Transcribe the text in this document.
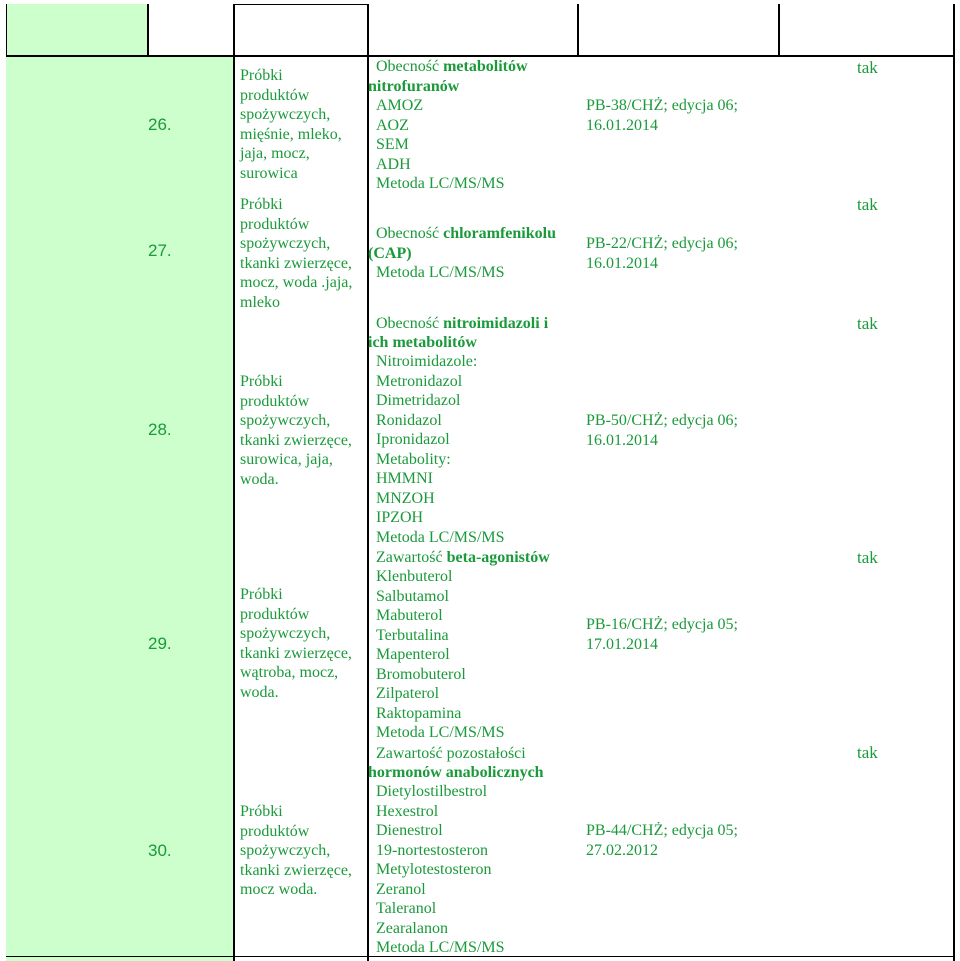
26.
Próbki
produktów
spożywczych,
mięśnie, mleko,
jaja, mocz,
surowica
Obecność metabolitów
nitrofuranów
AMOZ
AOZ
SEM
ADH
Metoda LC/MS/MS
PB-38/CHŻ; edycja 06;
16.01.2014
tak
27.
Próbki
produktów
spożywczych,
tkanki zwierzęce,
mocz, woda .jaja,
mleko
Obecność chloramfenikolu
(CAP)
Metoda LC/MS/MS
PB-22/CHŻ; edycja 06;
16.01.2014
tak
28.
Próbki
produktów
spożywczych,
tkanki zwierzęce,
surowica, jaja,
woda.
Obecność nitroimidazoli i
ich metabolitów
Nitroimidazole:
Metronidazol
Dimetridazol
Ronidazol
Ipronidazol
Metabolity:
HMMNI
MNZOH
IPZOH
Metoda LC/MS/MS
PB-50/CHŻ; edycja 06;
16.01.2014
tak
29.
Próbki
produktów
spożywczych,
tkanki zwierzęce,
wątroba, mocz,
woda.
Zawartość beta-agonistów
Klenbuterol
Salbutamol
Mabuterol
Terbutalina
Mapenterol
Bromobuterol
Zilpaterol
Raktopamina
Metoda LC/MS/MS
PB-16/CHŻ; edycja 05;
17.01.2014
tak
30.
Próbki
produktów
spożywczych,
tkanki zwierzęce,
mocz woda.
Zawartość pozostałości
hormonów anabolicznych
Dietylostilbestrol
Hexestrol
Dienestrol
19-nortestosteron
Metylotestosteron
Zeranol
Taleranol
Zearalanon
Metoda LC/MS/MS
PB-44/CHŻ; edycja 05;
27.02.2012
tak
